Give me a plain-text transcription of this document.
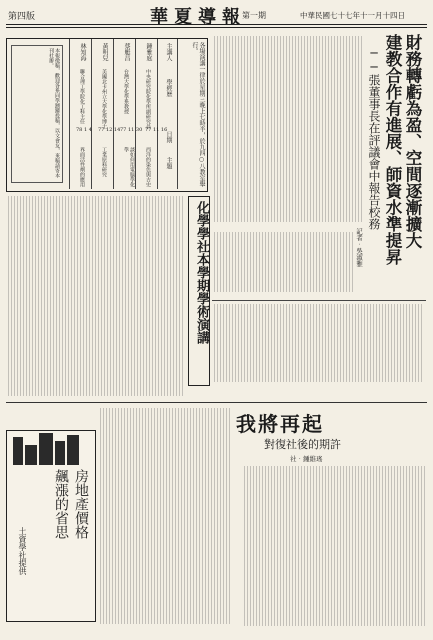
第四版	華夏導報
第一期	中華民國七十七年十一月十四日
財務轉虧為盈、空間逐漸擴大
建教合作有進展、師資水準提昇
──張董事長在評議會中報告校務
記者‧吳淑雅
各場演講一律於星期三晚上七時半，於九四○八教室舉行。
主講人
學經歷
日期
主題
鍾雅庭
中央研究院化學所副研究員
77 11 16
西洋的染色與古史
蔡艇昌
台灣大學化學系教授
77 11 30
談如何用電腦學化學
黃明兒
美國北卡州立大學化學博士
77 12 14
工業原料研究
林知海
聯合理工學院化工科主任
78 1 4
界面活性劑的應用
本報徵稿，歡迎各系同學踴躍投稿，以文會友，來稿請寄本刊社辦。
化學學社本學期學術演講
我將再起
對復社後的期許
社‧鍾維瑤
房地產價格
飆漲的省思
土資學社提供
